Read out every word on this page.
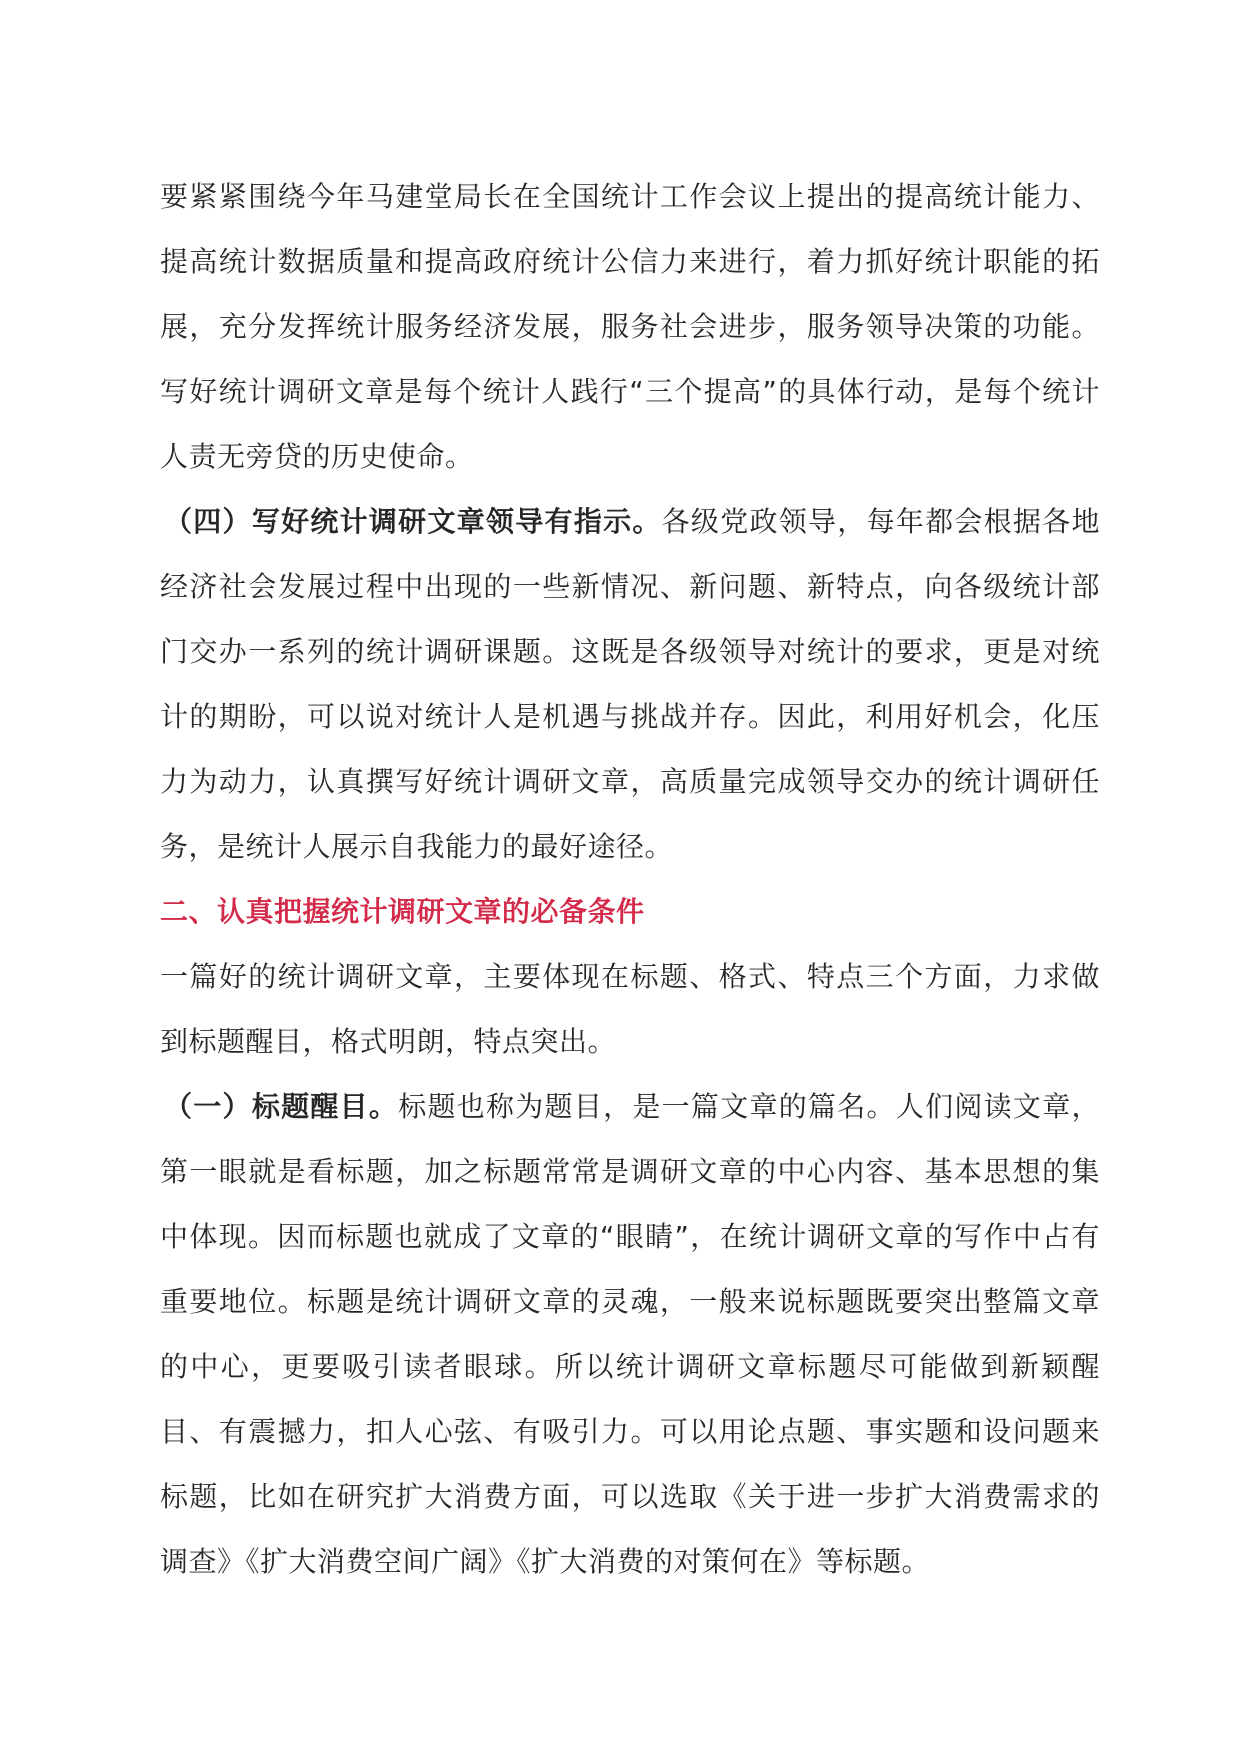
要紧紧围绕今年马建堂局长在全国统计工作会议上提出的提高统计能力、提高统计数据质量和提高政府统计公信力来进行，着力抓好统计职能的拓展，充分发挥统计服务经济发展，服务社会进步，服务领导决策的功能。写好统计调研文章是每个统计人践行“三个提高”的具体行动，是每个统计人责无旁贷的历史使命。

（四）写好统计调研文章领导有指示。各级党政领导，每年都会根据各地经济社会发展过程中出现的一些新情况、新问题、新特点，向各级统计部门交办一系列的统计调研课题。这既是各级领导对统计的要求，更是对统计的期盼，可以说对统计人是机遇与挑战并存。因此，利用好机会，化压力为动力，认真撰写好统计调研文章，高质量完成领导交办的统计调研任务，是统计人展示自我能力的最好途径。

二、认真把握统计调研文章的必备条件

一篇好的统计调研文章，主要体现在标题、格式、特点三个方面，力求做到标题醒目，格式明朗，特点突出。

（一）标题醒目。标题也称为题目，是一篇文章的篇名。人们阅读文章，第一眼就是看标题，加之标题常常是调研文章的中心内容、基本思想的集中体现。因而标题也就成了文章的“眼睛”，在统计调研文章的写作中占有重要地位。标题是统计调研文章的灵魂，一般来说标题既要突出整篇文章的中心，更要吸引读者眼球。所以统计调研文章标题尽可能做到新颖醒目、有震撼力，扣人心弦、有吸引力。可以用论点题、事实题和设问题来标题，比如在研究扩大消费方面，可以选取《关于进一步扩大消费需求的调查》《扩大消费空间广阔》《扩大消费的对策何在》等标题。
